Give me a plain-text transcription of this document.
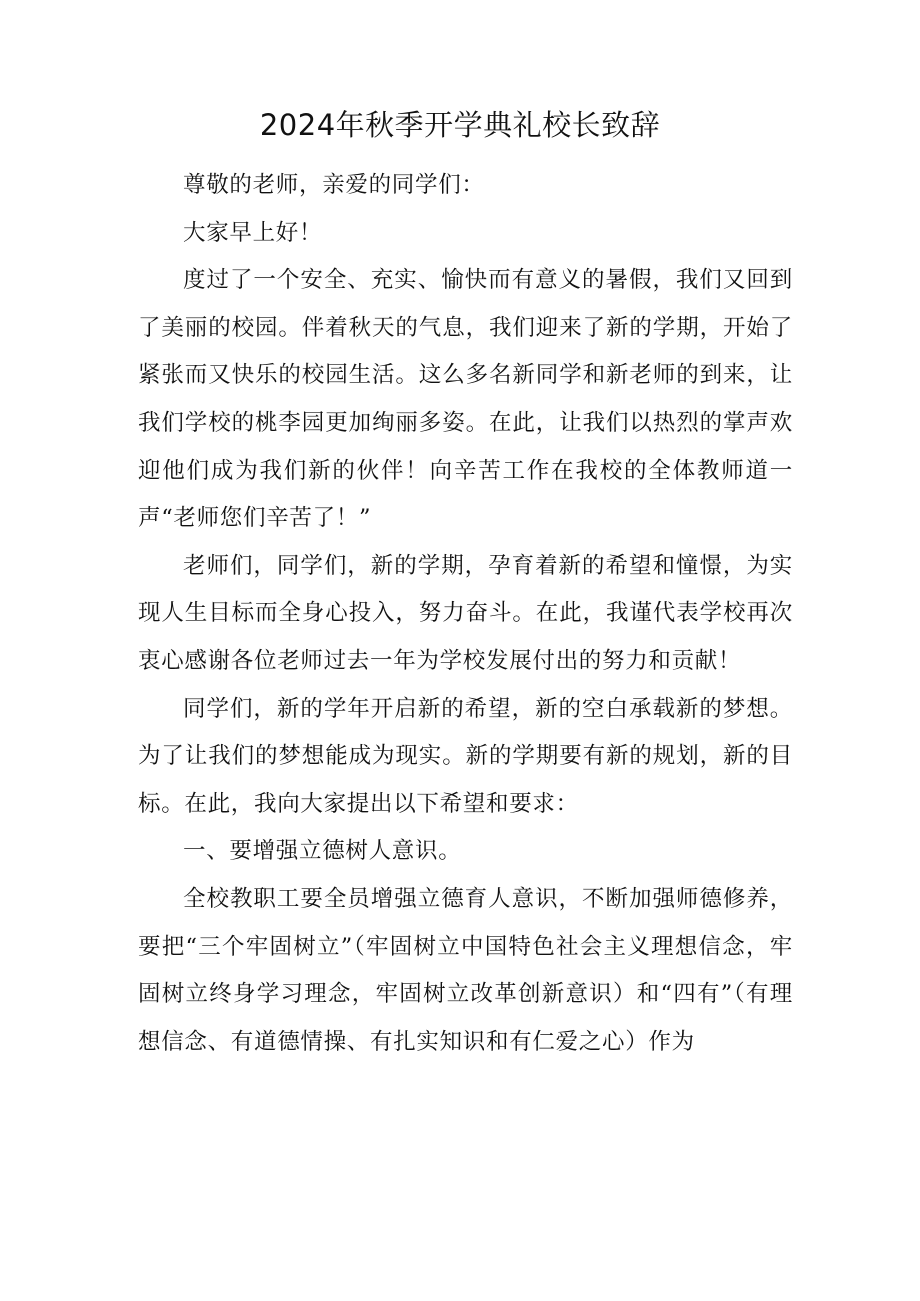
2024年秋季开学典礼校长致辞

尊敬的老师，亲爱的同学们：

大家早上好！

度过了一个安全、充实、愉快而有意义的暑假，我们又回到了美丽的校园。伴着秋天的气息，我们迎来了新的学期，开始了紧张而又快乐的校园生活。这么多名新同学和新老师的到来，让我们学校的桃李园更加绚丽多姿。在此，让我们以热烈的掌声欢迎他们成为我们新的伙伴！向辛苦工作在我校的全体教师道一声“老师您们辛苦了！”

老师们，同学们，新的学期，孕育着新的希望和憧憬，为实现人生目标而全身心投入，努力奋斗。在此，我谨代表学校再次衷心感谢各位老师过去一年为学校发展付出的努力和贡献！

同学们，新的学年开启新的希望，新的空白承载新的梦想。为了让我们的梦想能成为现实。新的学期要有新的规划，新的目标。在此，我向大家提出以下希望和要求：

一、要增强立德树人意识。

全校教职工要全员增强立德育人意识，不断加强师德修养，要把“三个牢固树立”（牢固树立中国特色社会主义理想信念，牢固树立终身学习理念，牢固树立改革创新意识）和“四有”（有理想信念、有道德情操、有扎实知识和有仁爱之心）作为
